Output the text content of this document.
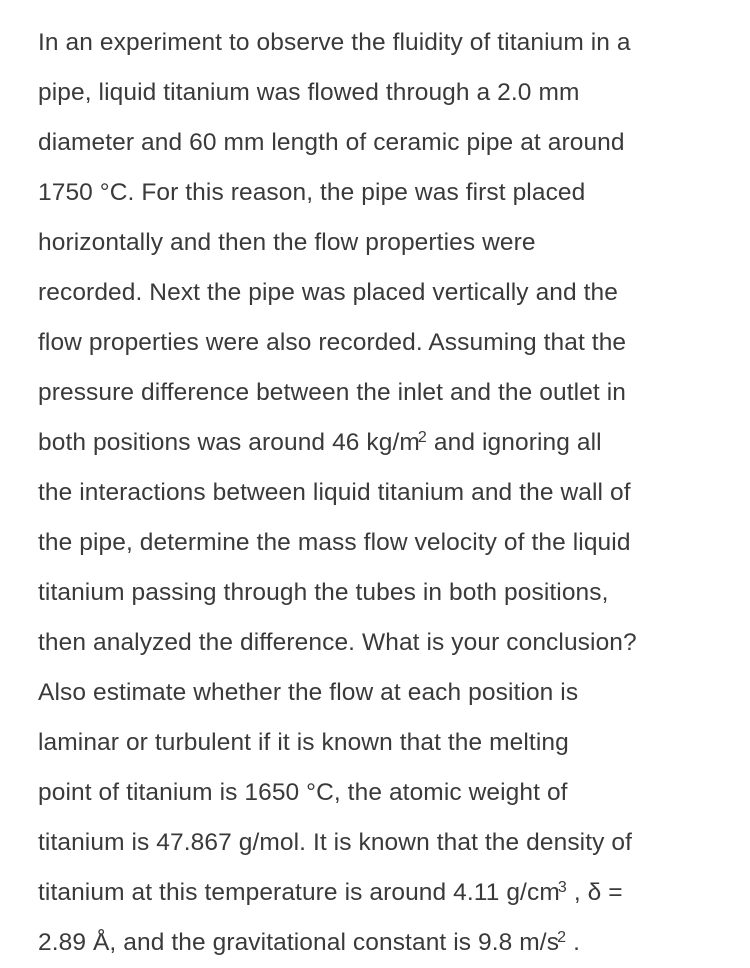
In an experiment to observe the fluidity of titanium in a
pipe, liquid titanium was flowed through a 2.0 mm
diameter and 60 mm length of ceramic pipe at around
1750 °C. For this reason, the pipe was first placed
horizontally and then the flow properties were
recorded. Next the pipe was placed vertically and the
flow properties were also recorded. Assuming that the
pressure difference between the inlet and the outlet in
both positions was around 46 kg/m
2 and ignoring all
the interactions between liquid titanium and the wall of
the pipe, determine the mass flow velocity of the liquid
titanium passing through the tubes in both positions,
then analyzed the difference. What is your conclusion?
Also estimate whether the flow at each position is
laminar or turbulent if it is known that the melting
point of titanium is 1650 °C, the atomic weight of
titanium is 47.867 g/mol. It is known that the density of
titanium at this temperature is around 4.11 g/cm
3 , δ =
2.89 Å, and the gravitational constant is 9.8 m/s
2 .
